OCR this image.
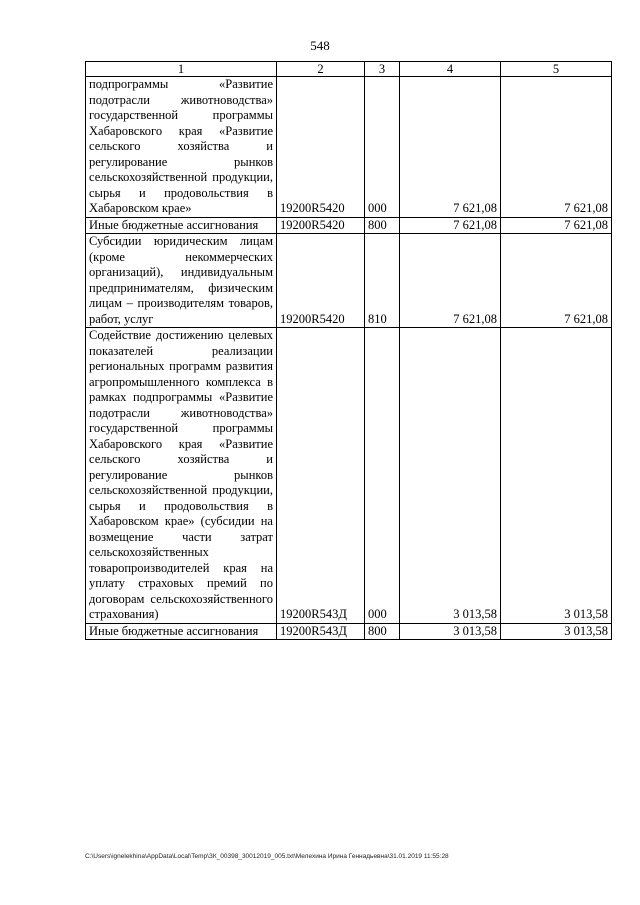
548
1	2	3	4	5
подпрограммы «Развитие подотрасли животноводства» государственной программы Хабаровского края «Развитие сельского хозяйства и регулирование рынков сельскохозяйственной продукции, сырья и продовольствия в Хабаровском крае»	19200R5420	000	7 621,08	7 621,08
Иные бюджетные ассигнования	19200R5420	800	7 621,08	7 621,08
Субсидии юридическим лицам (кроме некоммерческих организаций), индивидуальным предпринимателям, физическим лицам – производителям товаров, работ, услуг	19200R5420	810	7 621,08	7 621,08
Содействие достижению целевых показателей реализации региональных программ развития агропромышленного комплекса в рамках подпрограммы «Развитие подотрасли животноводства» государственной программы Хабаровского края «Развитие сельского хозяйства и регулирование рынков сельскохозяйственной продукции, сырья и продовольствия в Хабаровском крае» (субсидии на возмещение части затрат сельскохозяйственных товаропроизводителей края на уплату страховых премий по договорам сельскохозяйственного страхования)	19200R543Д	000	3 013,58	3 013,58
Иные бюджетные ассигнования	19200R543Д	800	3 013,58	3 013,58
C:\Users\ignelekhina\AppData\Local\Temp\ЗК_00398_30012019_005.txt\Мелехина Ирина Геннадьевна\31.01.2019 11:55:28
